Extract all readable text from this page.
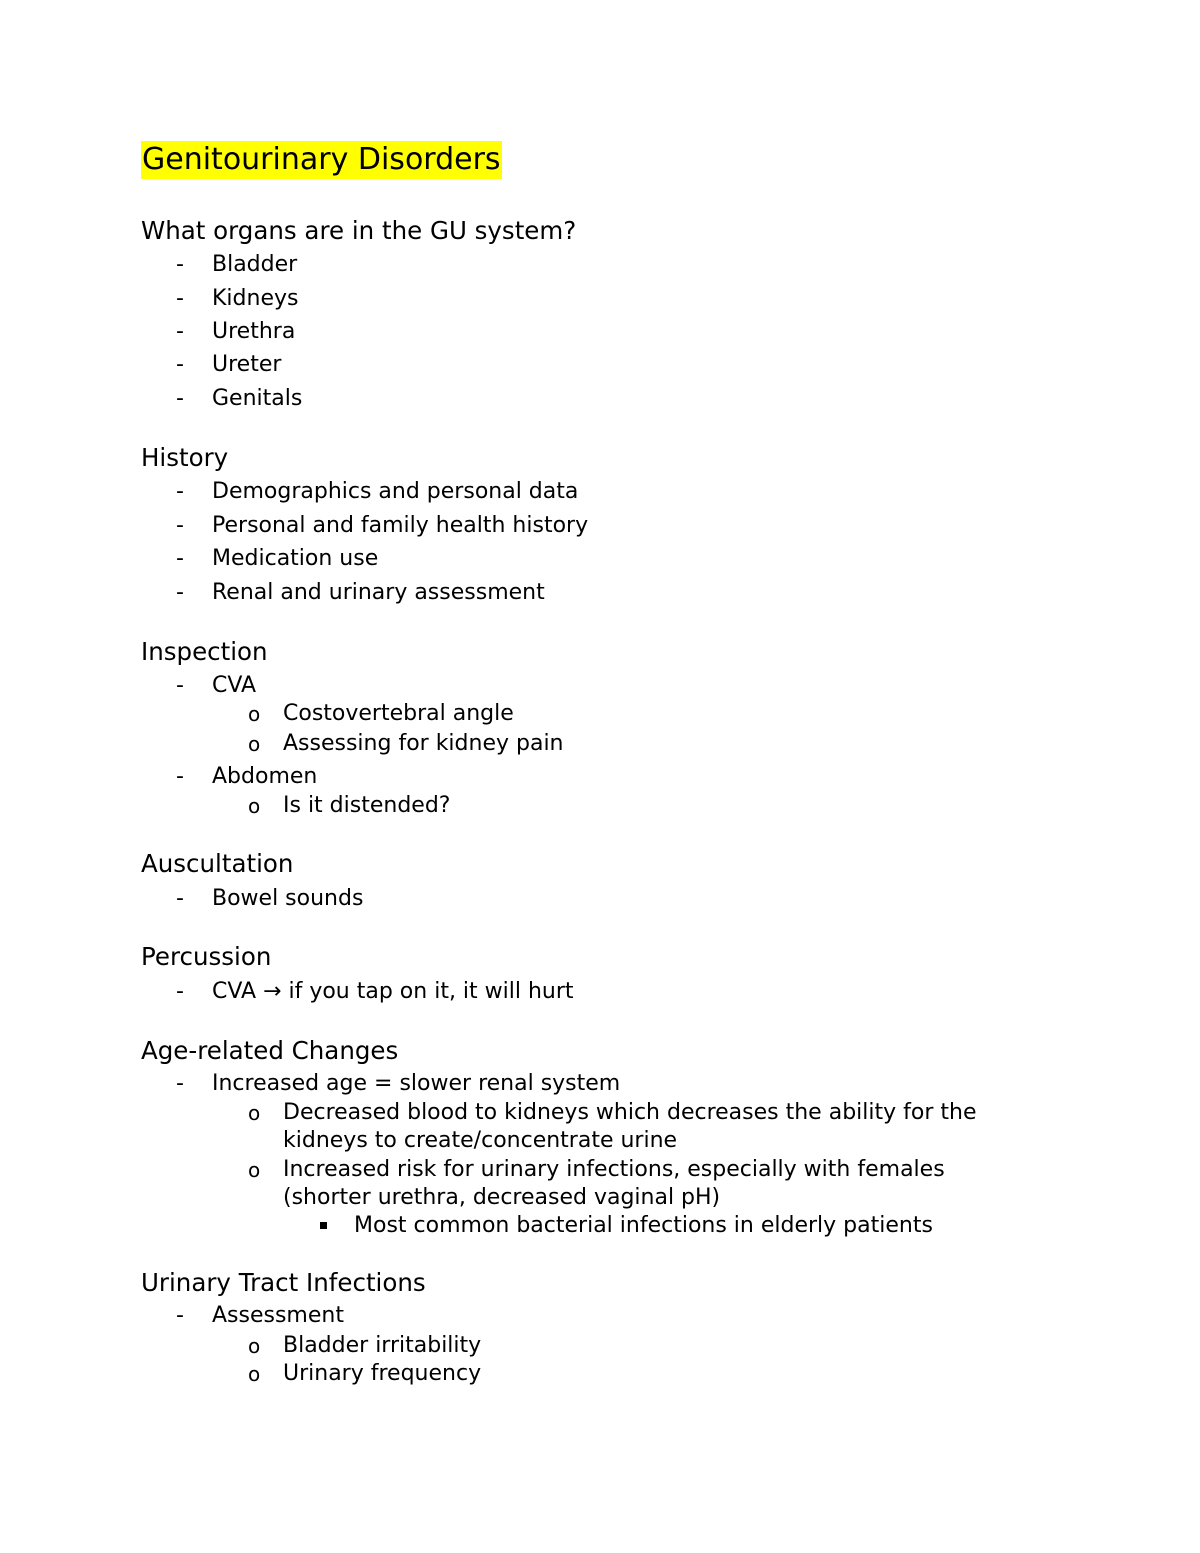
Genitourinary Disorders
What organs are in the GU system?
- Bladder
- Kidneys
- Urethra
- Ureter
- Genitals
History
- Demographics and personal data
- Personal and family health history
- Medication use
- Renal and urinary assessment
Inspection
- CVA
o Costovertebral angle
o Assessing for kidney pain
- Abdomen
o Is it distended?
Auscultation
- Bowel sounds
Percussion
- CVA → if you tap on it, it will hurt
Age-related Changes
- Increased age = slower renal system
o Decreased blood to kidneys which decreases the ability for the
kidneys to create/concentrate urine
o Increased risk for urinary infections, especially with females
(shorter urethra, decreased vaginal pH)
Most common bacterial infections in elderly patients
Urinary Tract Infections
- Assessment
o Bladder irritability
o Urinary frequency
